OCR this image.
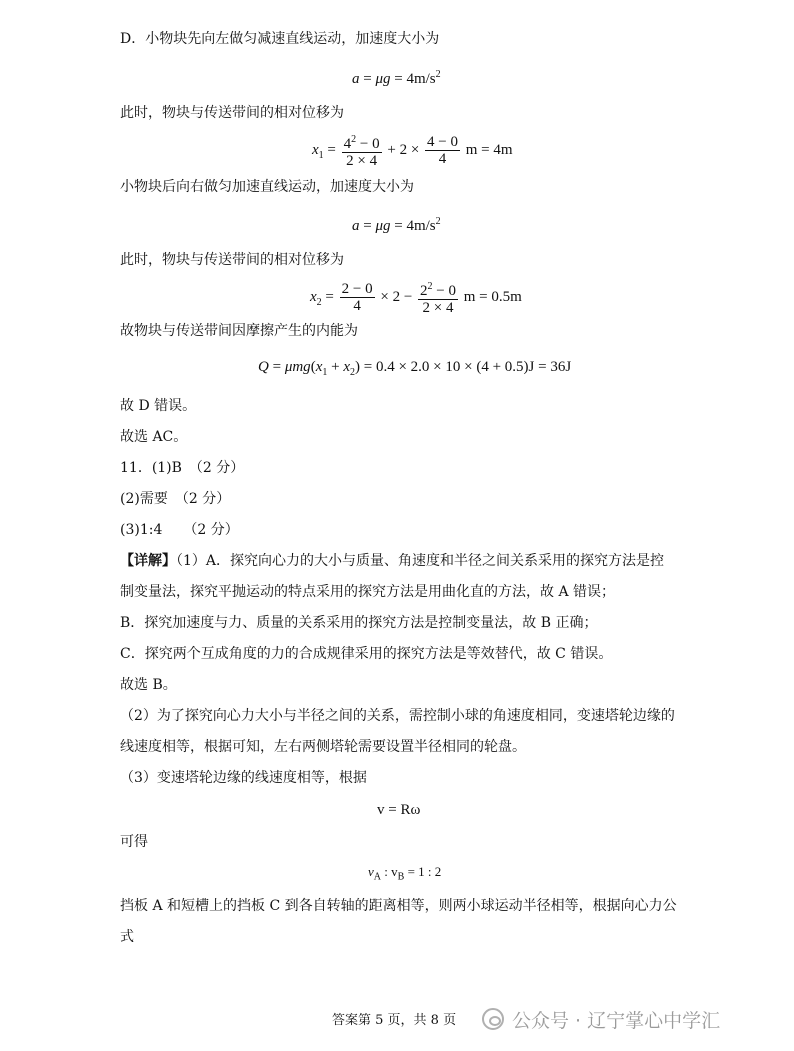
D．小物块先向左做匀减速直线运动，加速度大小为
$a = \mu g = 4m/s^2$
此时，物块与传送带间的相对位移为
$x_1 = \frac{4^2 - 0}{2 \times 4} + 2 \times \frac{4 - 0}{4}$ m = 4m
小物块后向右做匀加速直线运动，加速度大小为
$a = \mu g = 4m/s^2$
此时，物块与传送带间的相对位移为
$x_2 = \frac{2 - 0}{4} \times 2 - \frac{2^2 - 0}{2 \times 4}$ m = 0.5m
故物块与传送带间因摩擦产生的内能为
$Q = \mu mg(x_1 + x_2) = 0.4 \times 2.0 \times 10 \times (4 + 0.5)J = 36J$
故 D 错误。
故选 AC。
11．(1)B　（2 分）
(2)需要　（2 分）
(3)1:4　　（2 分）
【详解】（1）A．探究向心力的大小与质量、角速度和半径之间关系采用的探究方法是控
制变量法，探究平抛运动的特点采用的探究方法是用曲化直的方法，故 A 错误；
B．探究加速度与力、质量的关系采用的探究方法是控制变量法，故 B 正确；
C．探究两个互成角度的力的合成规律采用的探究方法是等效替代，故 C 错误。
故选 B。
（2）为了探究向心力大小与半径之间的关系，需控制小球的角速度相同，变速塔轮边缘的
线速度相等，根据可知，左右两侧塔轮需要设置半径相同的轮盘。
（3）变速塔轮边缘的线速度相等，根据
v = Rω
可得
$v_A$ : $v_B = 1$ : 2
挡板 A 和短槽上的挡板 C 到各自转轴的距离相等，则两小球运动半径相等，根据向心力公
式
答案第 5 页，共 8 页	公众号 · 辽宁掌心中学汇
